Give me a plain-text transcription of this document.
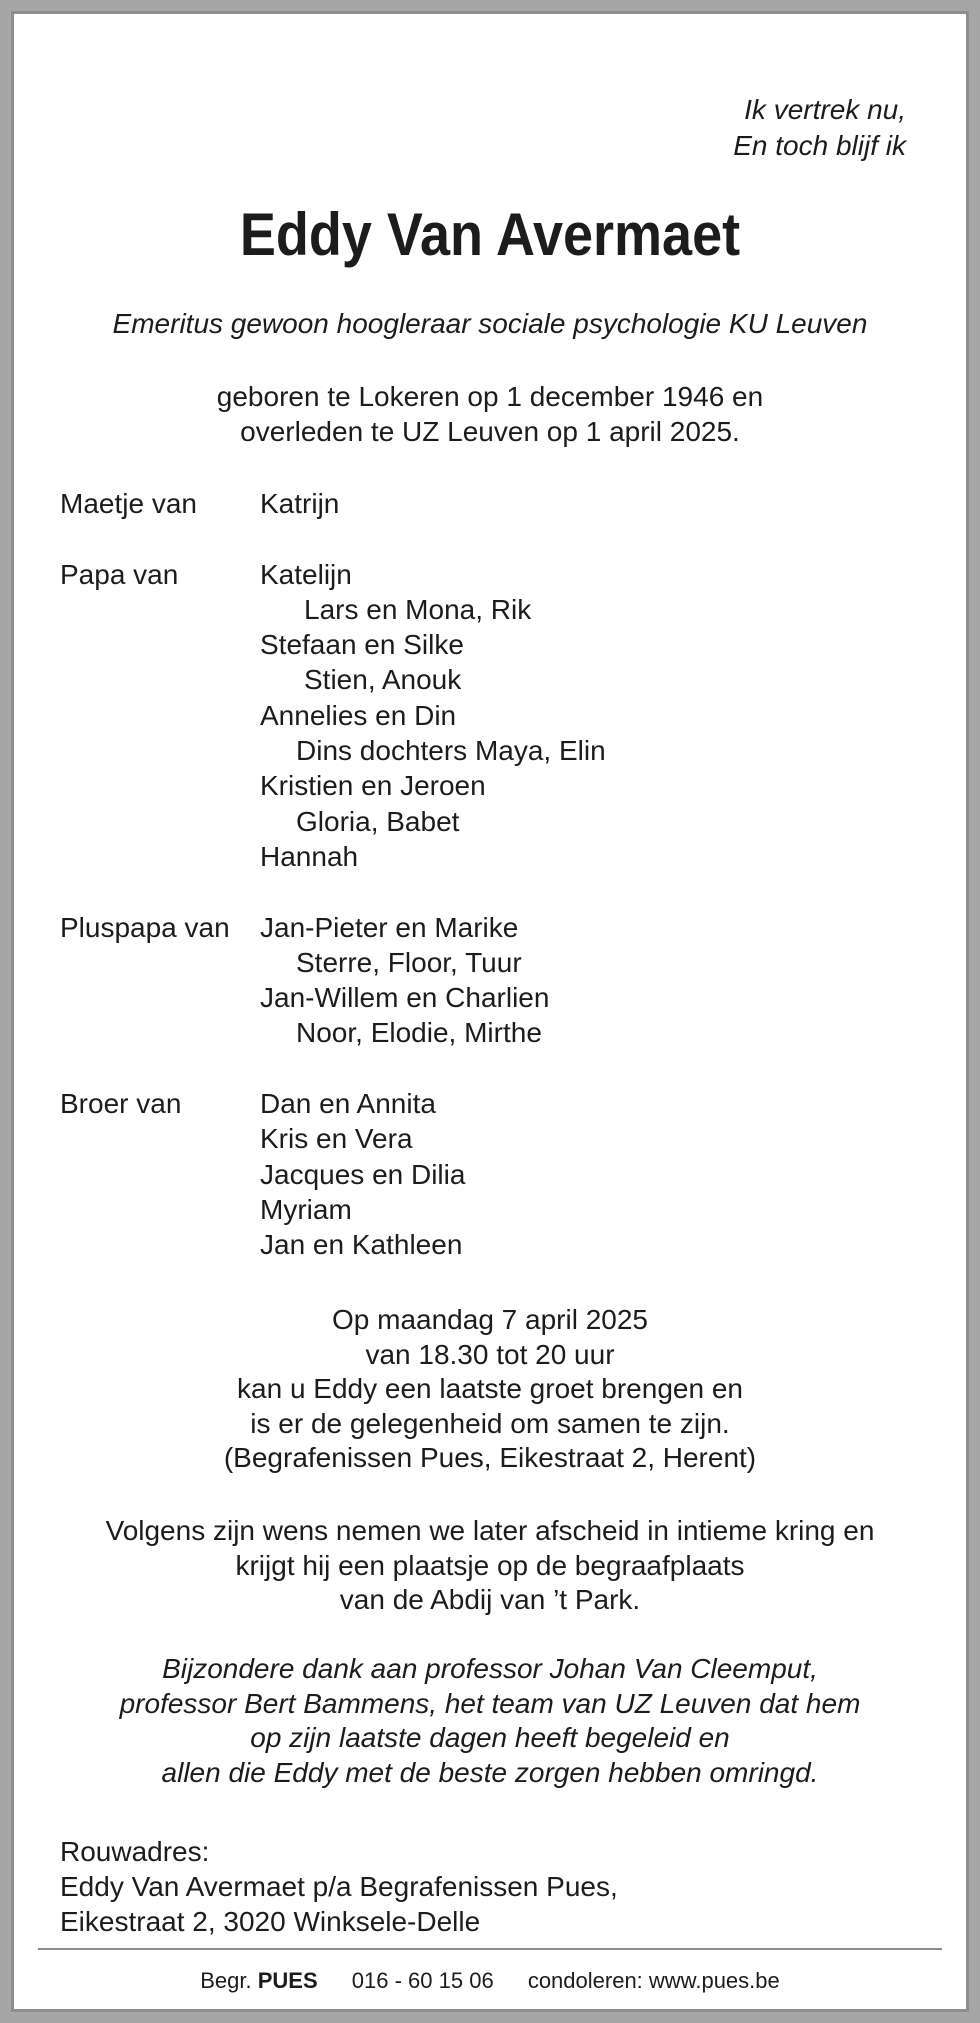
Ik vertrek nu,
En toch blijf ik
Eddy Van Avermaet
Emeritus gewoon hoogleraar sociale psychologie KU Leuven
geboren te Lokeren op 1 december 1946 en
overleden te UZ Leuven op 1 april 2025.
Maetje van	Katrijn
Papa van	Katelijn
Lars en Mona, Rik
Stefaan en Silke
Stien, Anouk
Annelies en Din
Dins dochters Maya, Elin
Kristien en Jeroen
Gloria, Babet
Hannah
Pluspapa van	Jan-Pieter en Marike
Sterre, Floor, Tuur
Jan-Willem en Charlien
Noor, Elodie, Mirthe
Broer van	Dan en Annita
Kris en Vera
Jacques en Dilia
Myriam
Jan en Kathleen
Op maandag 7 april 2025
van 18.30 tot 20 uur
kan u Eddy een laatste groet brengen en
is er de gelegenheid om samen te zijn.
(Begrafenissen Pues, Eikestraat 2, Herent)
Volgens zijn wens nemen we later afscheid in intieme kring en
krijgt hij een plaatsje op de begraafplaats
van de Abdij van ’t Park.
Bijzondere dank aan professor Johan Van Cleemput,
professor Bert Bammens, het team van UZ Leuven dat hem
op zijn laatste dagen heeft begeleid en
allen die Eddy met de beste zorgen hebben omringd.
Rouwadres:
Eddy Van Avermaet p/a Begrafenissen Pues,
Eikestraat 2, 3020 Winksele-Delle
Begr. PUES 016 - 60 15 06 condoleren: www.pues.be
